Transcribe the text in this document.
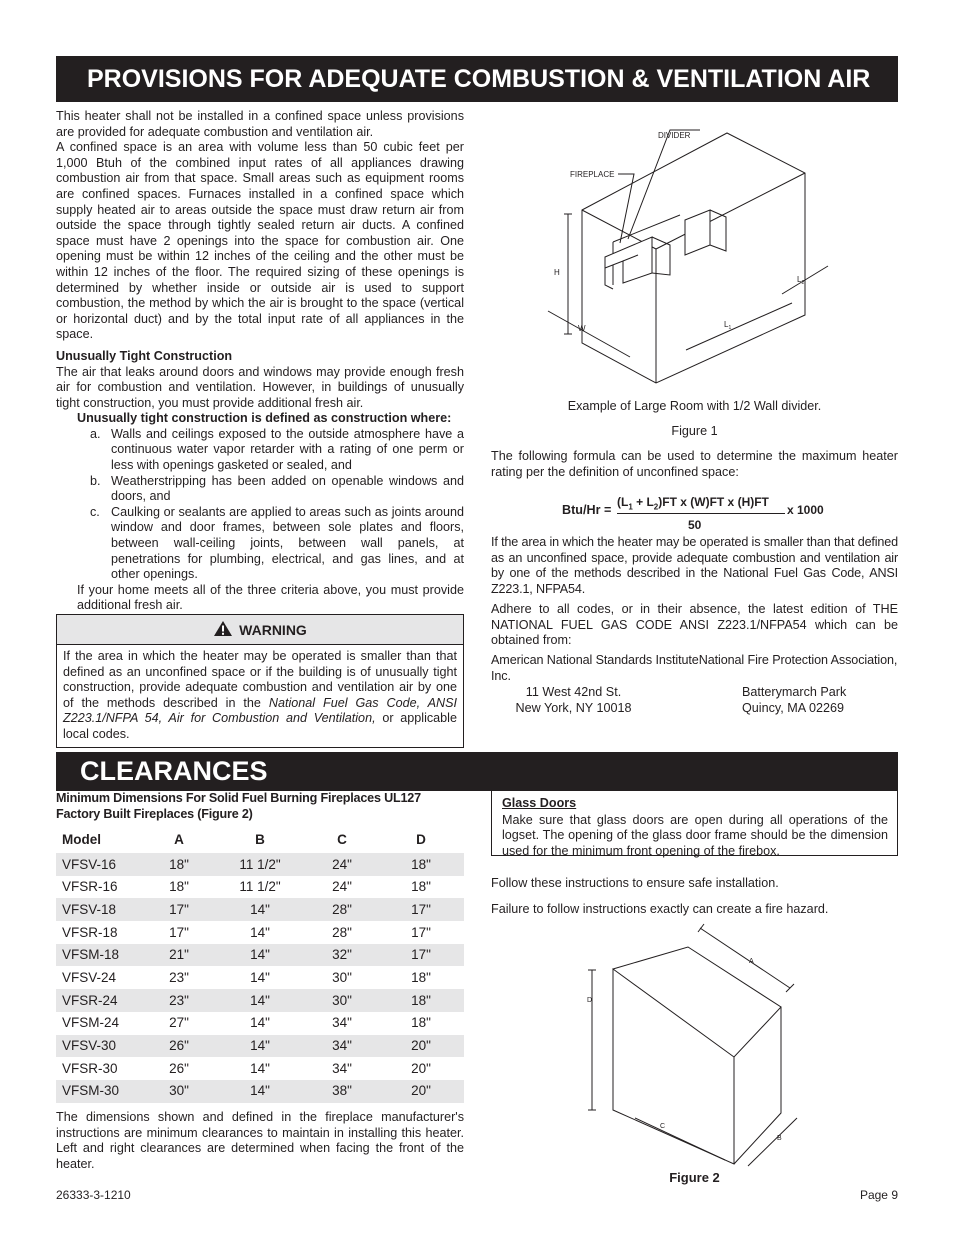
PROVISIONS FOR ADEQUATE COMBUSTION & VENTILATION AIR

This heater shall not be installed in a confined space unless provisions are provided for adequate combustion and ventilation air.

A confined space is an area with volume less than 50 cubic feet per 1,000 Btuh of the combined input rates of all appliances drawing combustion air from that space. Small areas such as equipment rooms are confined spaces. Furnaces installed in a confined space which supply heated air to areas outside the space must draw return air from outside the space through tightly sealed return air ducts. A confined space must have 2 openings into the space for combustion air. One opening must be within 12 inches of the ceiling and the other must be within 12 inches of the floor. The required sizing of these openings is determined by whether inside or outside air is used to support combustion, the method by which the air is brought to the space (vertical or horizontal duct) and by the total input rate of all appliances in the space.

Unusually Tight Construction

The air that leaks around doors and windows may provide enough fresh air for combustion and ventilation. However, in buildings of unusually tight construction, you must provide additional fresh air.

Unusually tight construction is defined as construction where:

a. Walls and ceilings exposed to the outside atmosphere have a continuous water vapor retarder with a rating of one perm or less with openings gasketed or sealed, and
b. Weatherstripping has been added on openable windows and doors, and
c. Caulking or sealants are applied to areas such as joints around window and door frames, between sole plates and floors, between wall-ceiling joints, between wall panels, at penetrations for plumbing, electrical, and gas lines, and at other openings.

If your home meets all of the three criteria above, you must provide additional fresh air.

WARNING
If the area in which the heater may be operated is smaller than that defined as an unconfined space or if the building is of unusually tight construction, provide adequate combustion and ventilation air by one of the methods described in the National Fuel Gas Code, ANSI Z223.1/NFPA 54, Air for Combustion and Ventilation, or applicable local codes.
DIVIDER
FIREPLACE
H
W	$L_1$
$L_2$
Example of Large Room with 1/2 Wall divider.
Figure 1
The following formula can be used to determine the maximum heater rating per the definition of unconfined space:
Btu/Hr =
$(L_1 + L_2)FT$ x (W)FT x (H)FT
50
x 1000
If the area in which the heater may be operated is smaller than that defined as an unconfined space, provide adequate combustion and ventilation air by one of the methods described in the National Fuel Gas Code, ANSI Z223.1, NFPA54.
Adhere to all codes, or in their absence, the latest edition of THE NATIONAL FUEL GAS CODE ANSI Z223.1/NFPA54 which can be obtained from:
American National Standards InstituteNational Fire Protection Association, Inc.
11 West 42nd St.
New York, NY 10018
Batterymarch Park
Quincy, MA 02269
CLEARANCES
Minimum Dimensions For Solid Fuel Burning Fireplaces UL127 Factory Built Fireplaces (Figure 2)
Model	A	B	C	D
VFSV-16	18"	11 1/2"	24"	18"
VFSR-16	18"	11 1/2"	24"	18"
VFSV-18	17"	14"	28"	17"
VFSR-18	17"	14"	28"	17"
VFSM-18	21"	14"	32"	17"
VFSV-24	23"	14"	30"	18"
VFSR-24	23"	14"	30"	18"
VFSM-24	27"	14"	34"	18"
VFSV-30	26"	14"	34"	20"
VFSR-30	26"	14"	34"	20"
VFSM-30	30"	14"	38"	20"
The dimensions shown and defined in the fireplace manufacturer's instructions are minimum clearances to maintain in installing this heater. Left and right clearances are determined when facing the front of the heater.
Glass Doors
Make sure that glass doors are open during all operations of the logset. The opening of the glass door frame should be the dimension used for the minimum front opening of the firebox.
Follow these instructions to ensure safe installation.
Failure to follow instructions exactly can create a fire hazard.
A
D
C
B
Figure 2
26333-3-1210	Page 9
